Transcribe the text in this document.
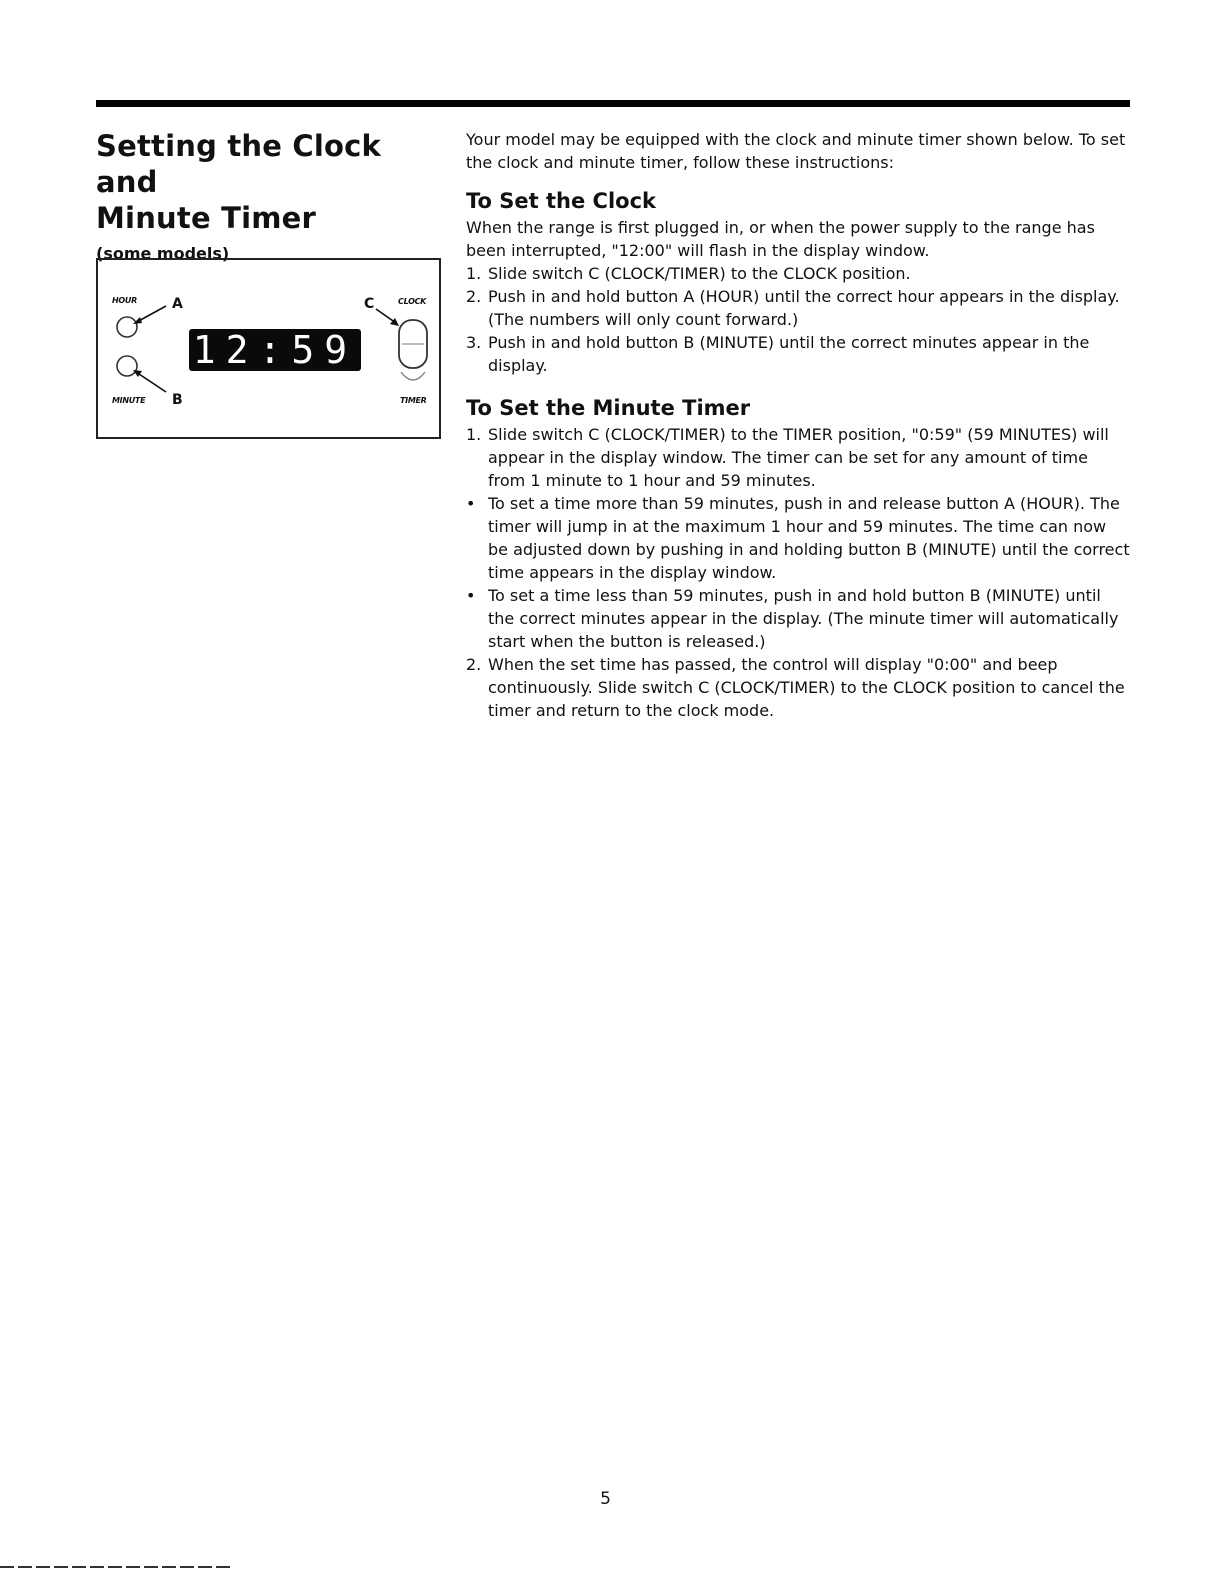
Setting the Clock and
Minute Timer
(some models)
HOUR	A	C	CLOCK
12:59
MINUTE B	TIMER

Your model may be equipped with the clock and minute timer shown below. To set the clock and minute timer, follow these instructions:

To Set the Clock

When the range is first plugged in, or when the power supply to the range has been interrupted, "12:00" will flash in the display window.

1. Slide switch C (CLOCK/TIMER) to the CLOCK position.
2. Push in and hold button A (HOUR) until the correct hour appears in the display. (The numbers will only count forward.)
3. Push in and hold button B (MINUTE) until the correct minutes appear in the display.
To Set the Minute Timer
1. Slide switch C (CLOCK/TIMER) to the TIMER position, "0:59" (59 MINUTES) will appear in the display window. The timer can be set for any amount of time from 1 minute to 1 hour and 59 minutes.
• To set a time more than 59 minutes, push in and release button A (HOUR). The timer will jump in at the maximum 1 hour and 59 minutes. The time can now be adjusted down by pushing in and holding button B (MINUTE) until the correct time appears in the display window.
• To set a time less than 59 minutes, push in and hold button B (MINUTE) until the correct minutes appear in the display. (The minute timer will automatically start when the button is released.)
2. When the set time has passed, the control will display "0:00" and beep continuously. Slide switch C (CLOCK/TIMER) to the CLOCK position to cancel the timer and return to the clock mode.
5
